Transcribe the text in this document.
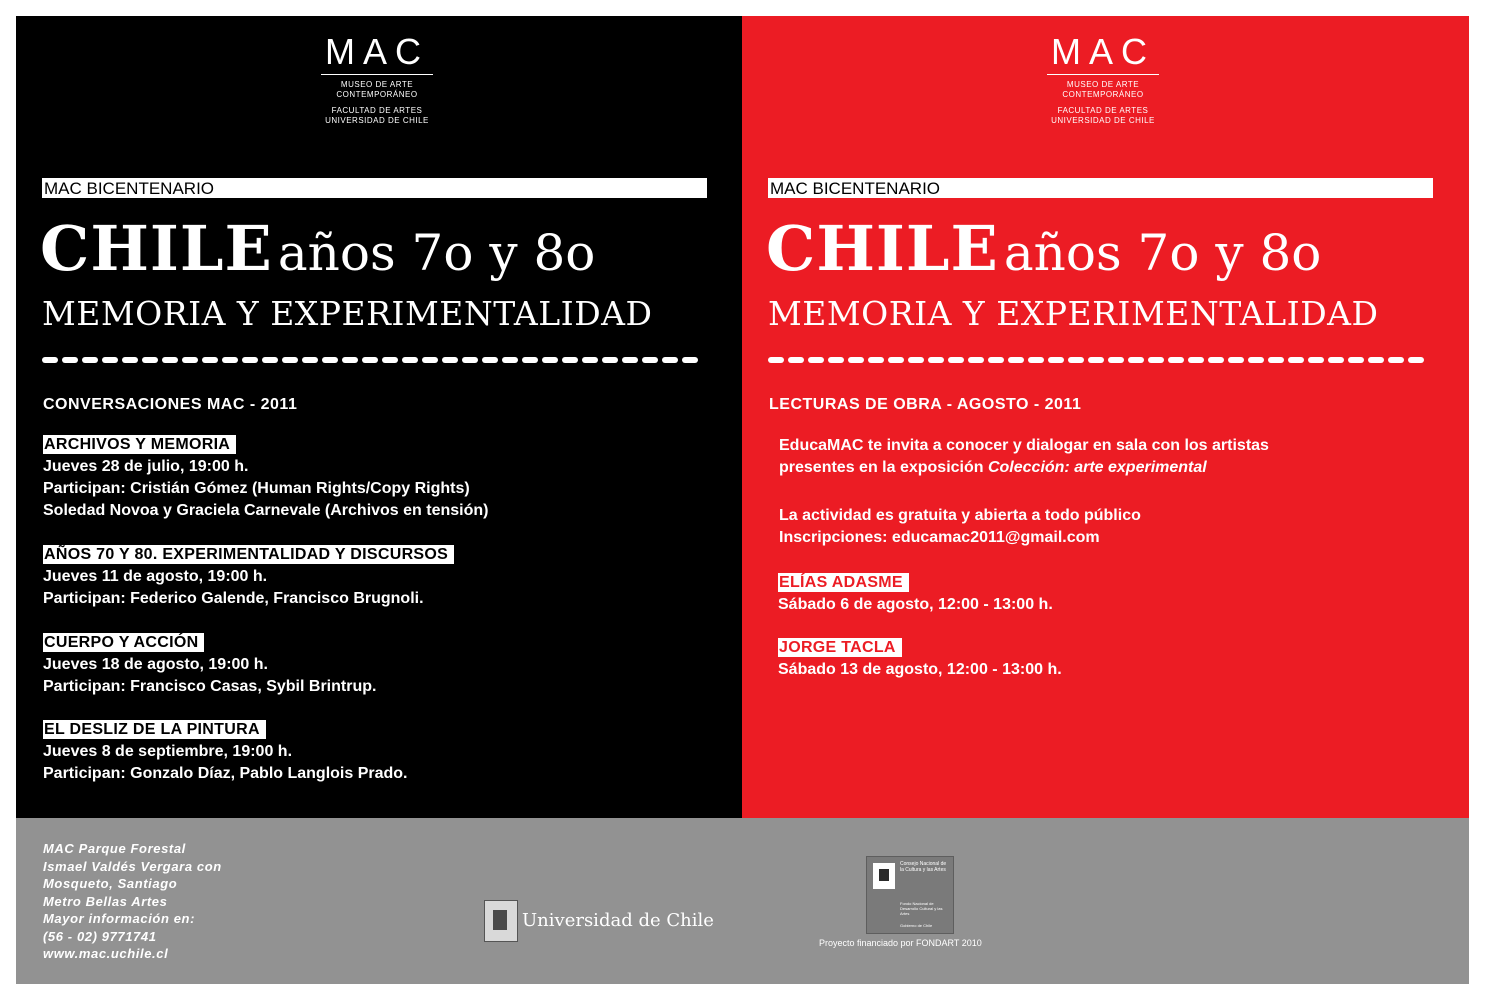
MAC
MUSEO DE ARTE
CONTEMPORÁNEO
FACULTAD DE ARTES
UNIVERSIDAD DE CHILE
MAC BICENTENARIO
CHILE años 7o y 8o
MEMORIA Y EXPERIMENTALIDAD
CONVERSACIONES MAC - 2011
ARCHIVOS Y MEMORIA
Jueves 28 de julio, 19:00 h.
Participan: Cristián Gómez (Human Rights/Copy Rights)
Soledad Novoa y Graciela Carnevale (Archivos en tensión)
AÑOS 70 Y 80. EXPERIMENTALIDAD Y DISCURSOS
Jueves 11 de agosto, 19:00 h.
Participan: Federico Galende, Francisco Brugnoli.
CUERPO Y ACCIÓN
Jueves 18 de agosto, 19:00 h.
Participan: Francisco Casas, Sybil Brintrup.
EL DESLIZ DE LA PINTURA
Jueves 8 de septiembre, 19:00 h.
Participan: Gonzalo Díaz, Pablo Langlois Prado.
MAC
MUSEO DE ARTE
CONTEMPORÁNEO
FACULTAD DE ARTES
UNIVERSIDAD DE CHILE
MAC BICENTENARIO
CHILE años 7o y 8o
MEMORIA Y EXPERIMENTALIDAD
LECTURAS DE OBRA - AGOSTO - 2011
EducaMAC te invita a conocer y dialogar en sala con los artistas
presentes en la exposición Colección: arte experimental
La actividad es gratuita y abierta a todo público
Inscripciones: educamac2011@gmail.com
ELÍAS ADASME
Sábado 6 de agosto, 12:00 - 13:00 h.
JORGE TACLA
Sábado 13 de agosto, 12:00 - 13:00 h.
MAC Parque Forestal
Ismael Valdés Vergara con
Mosqueto, Santiago
Metro Bellas Artes
Mayor información en:
(56 - 02) 9771741
www.mac.uchile.cl
Universidad de Chile
Consejo Nacional de la Cultura y las Artes
Fondo Nacional de Desarrollo Cultural y las Artes
Gobierno de Chile
Proyecto financiado por FONDART 2010
